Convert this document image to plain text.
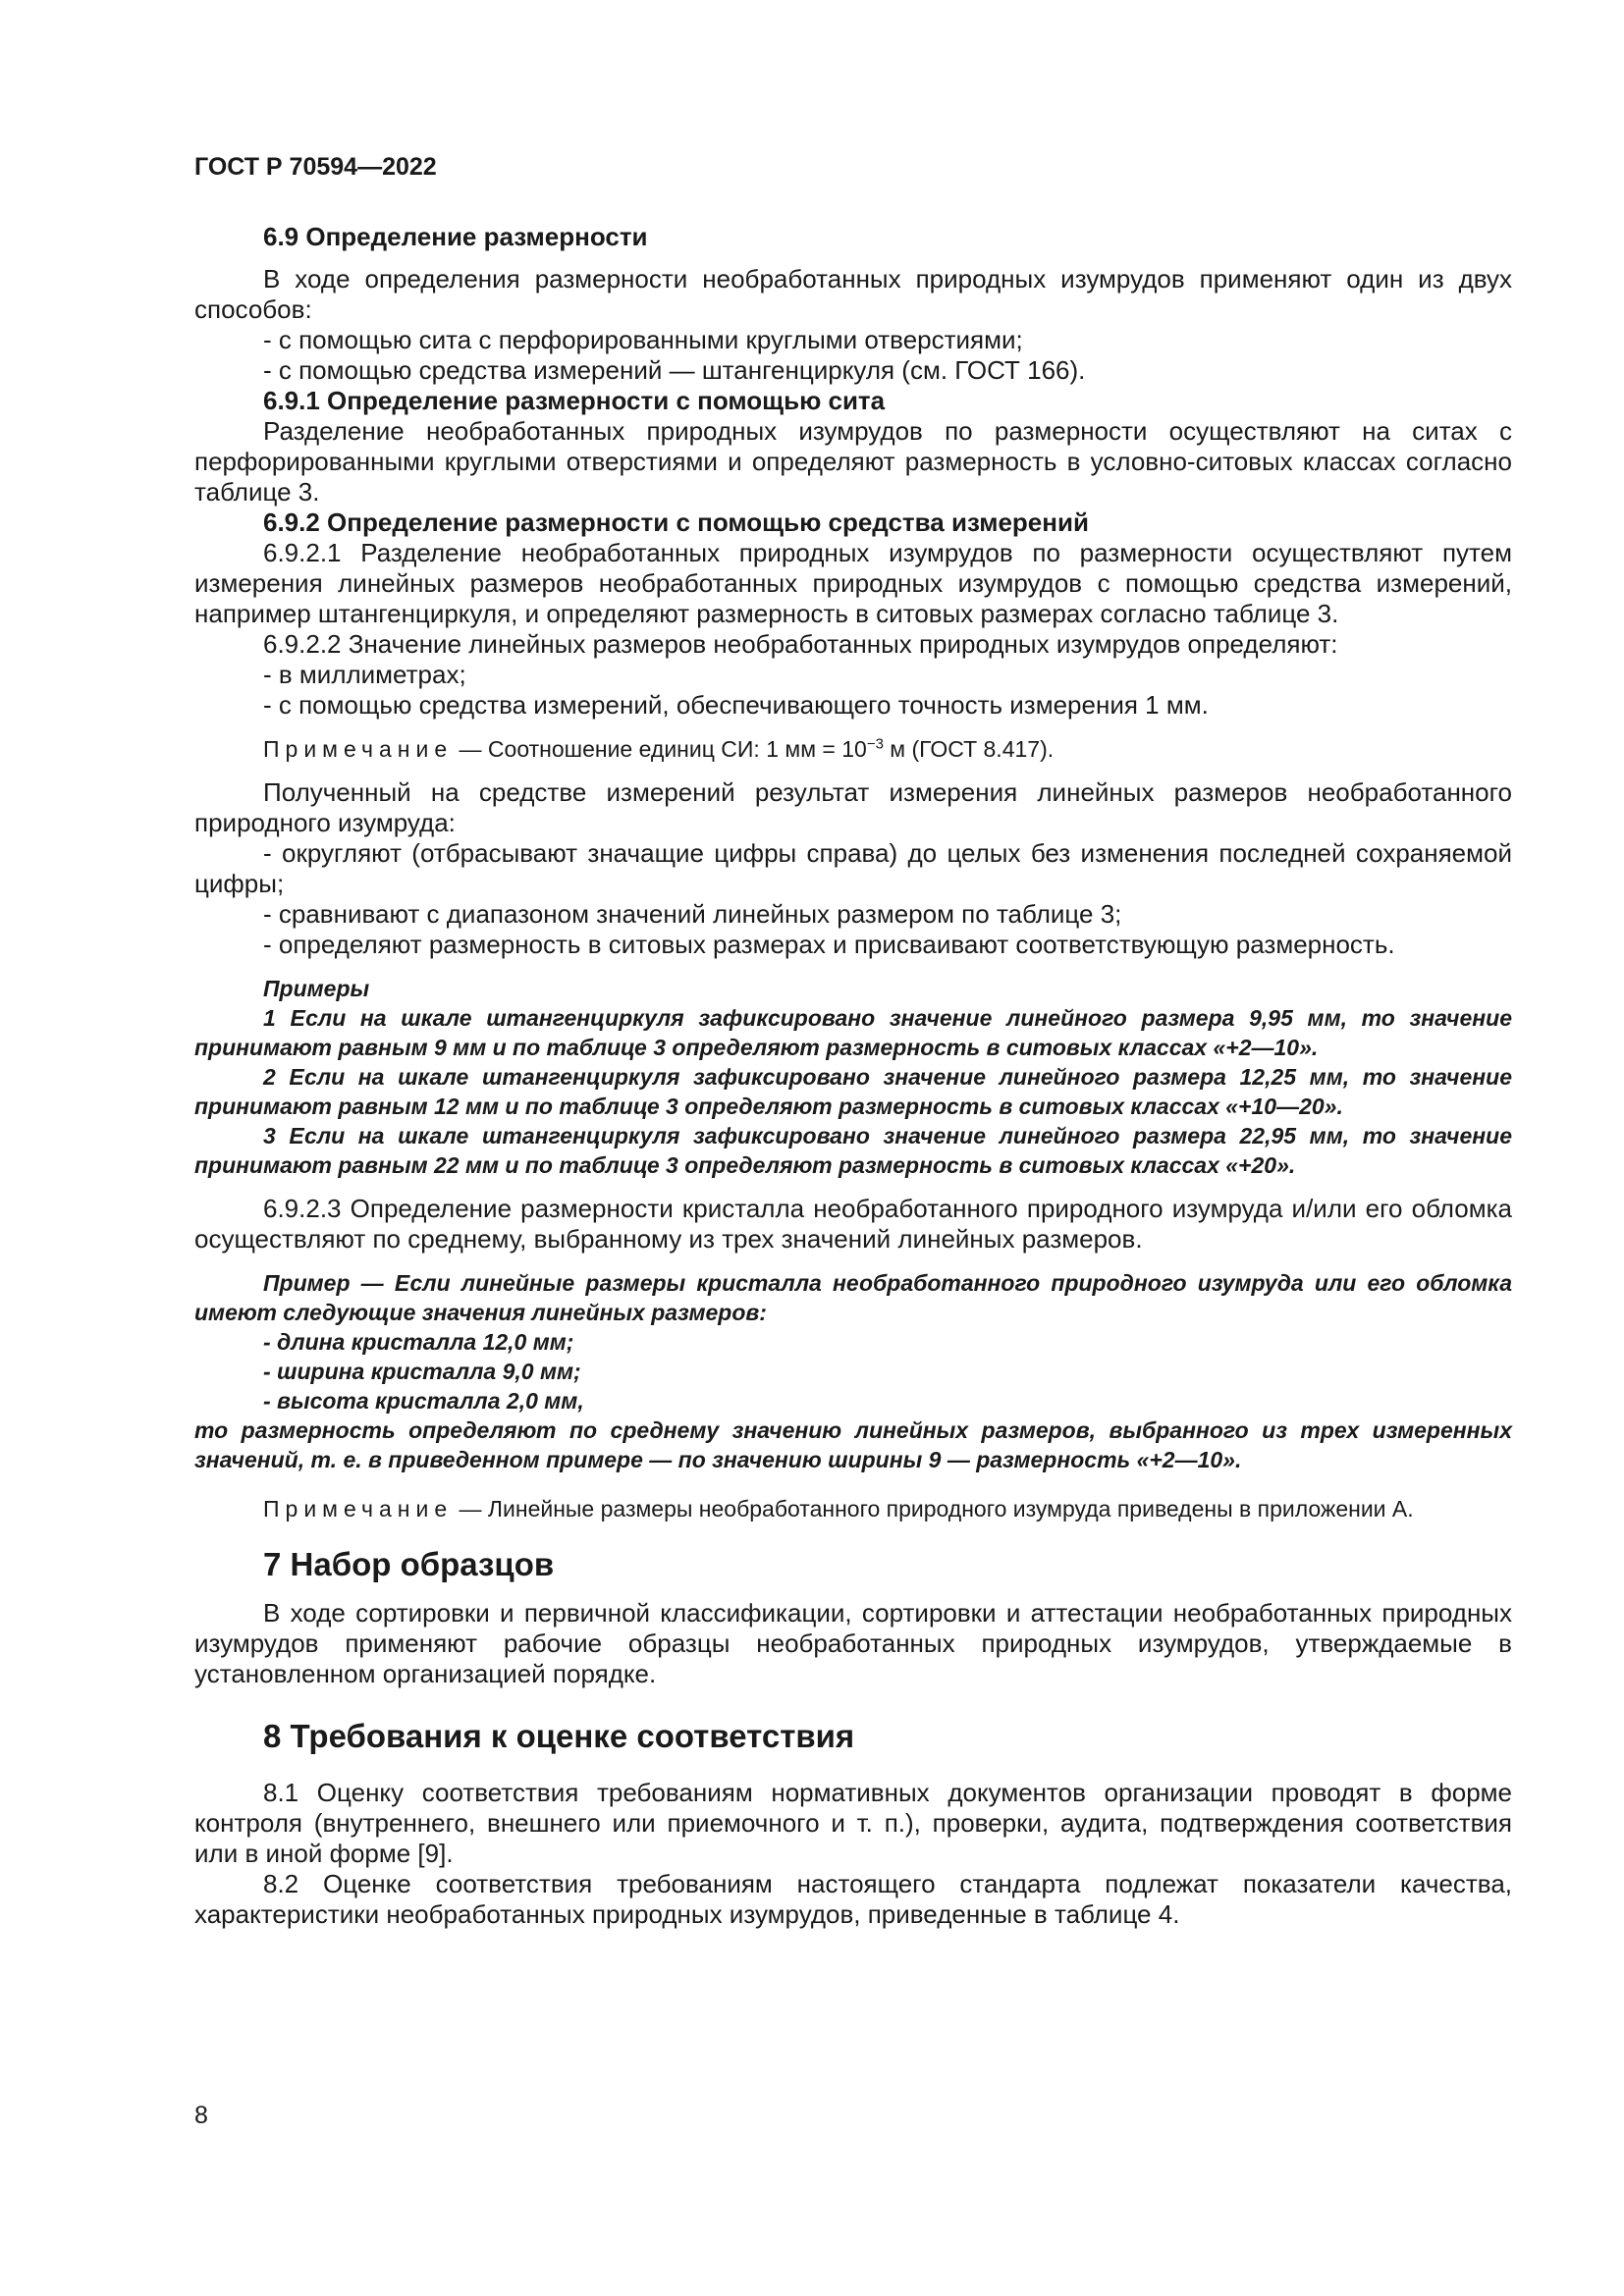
ГОСТ Р 70594—2022

6.9 Определение размерности

В ходе определения размерности необработанных природных изумрудов применяют один из двух способов:

- с помощью сита с перфорированными круглыми отверстиями;

- с помощью средства измерений — штангенциркуля (см. ГОСТ 166).

6.9.1 Определение размерности с помощью сита

Разделение необработанных природных изумрудов по размерности осуществляют на ситах с перфорированными круглыми отверстиями и определяют размерность в условно-ситовых классах согласно таблице 3.

6.9.2 Определение размерности с помощью средства измерений

6.9.2.1 Разделение необработанных природных изумрудов по размерности осуществляют путем измерения линейных размеров необработанных природных изумрудов с помощью средства измерений, например штангенциркуля, и определяют размерность в ситовых размерах согласно таблице 3.

6.9.2.2 Значение линейных размеров необработанных природных изумрудов определяют:

- в миллиметрах;

- с помощью средства измерений, обеспечивающего точность измерения 1 мм.

Примечание — Соотношение единиц СИ: 1 мм = $10^{-3}$ м (ГОСТ 8.417).

Полученный на средстве измерений результат измерения линейных размеров необработанного природного изумруда:

- округляют (отбрасывают значащие цифры справа) до целых без изменения последней сохраняемой цифры;

- сравнивают с диапазоном значений линейных размером по таблице 3;

- определяют размерность в ситовых размерах и присваивают соответствующую размерность.

Примеры

1 Если на шкале штангенциркуля зафиксировано значение линейного размера 9,95 мм, то значение принимают равным 9 мм и по таблице 3 определяют размерность в ситовых классах «+2—10».

2 Если на шкале штангенциркуля зафиксировано значение линейного размера 12,25 мм, то значение принимают равным 12 мм и по таблице 3 определяют размерность в ситовых классах «+10—20».

3 Если на шкале штангенциркуля зафиксировано значение линейного размера 22,95 мм, то значение принимают равным 22 мм и по таблице 3 определяют размерность в ситовых классах «+20».

6.9.2.3 Определение размерности кристалла необработанного природного изумруда и/или его обломка осуществляют по среднему, выбранному из трех значений линейных размеров.

Пример — Если линейные размеры кристалла необработанного природного изумруда или его обломка имеют следующие значения линейных размеров:

- длина кристалла 12,0 мм;

- ширина кристалла 9,0 мм;

- высота кристалла 2,0 мм,

то размерность определяют по среднему значению линейных размеров, выбранного из трех измеренных значений, т. е. в приведенном примере — по значению ширины 9 — размерность «+2—10».

Примечание — Линейные размеры необработанного природного изумруда приведены в приложении А.

7 Набор образцов

В ходе сортировки и первичной классификации, сортировки и аттестации необработанных природных изумрудов применяют рабочие образцы необработанных природных изумрудов, утверждаемые в установленном организацией порядке.

8 Требования к оценке соответствия

8.1 Оценку соответствия требованиям нормативных документов организации проводят в форме контроля (внутреннего, внешнего или приемочного и т. п.), проверки, аудита, подтверждения соответствия или в иной форме [9].

8.2 Оценке соответствия требованиям настоящего стандарта подлежат показатели качества, характеристики необработанных природных изумрудов, приведенные в таблице 4.

8
